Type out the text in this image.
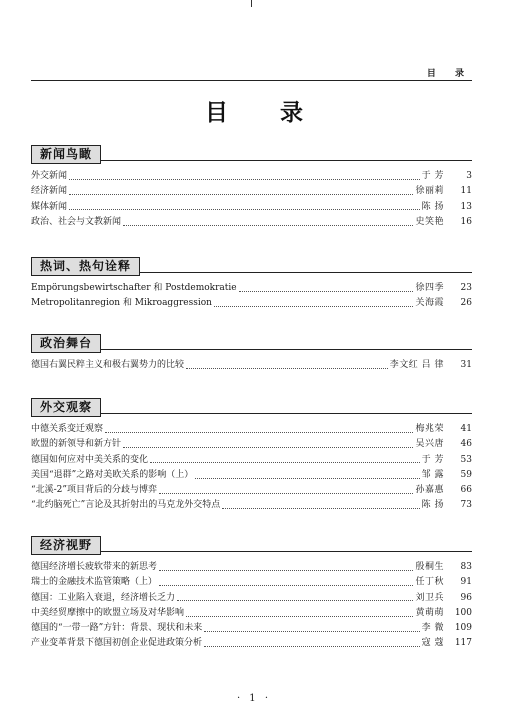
目 录
目 录
新闻鸟瞰
外交新闻	于 芳	3
经济新闻	徐丽莉	11
媒体新闻	陈 扬	13
政治、社会与文教新闻	史笑艳	16
热词、热句诠释
Empörungsbewirtschafter 和 Postdemokratie	徐四季	23
Metropolitanregion 和 Mikroaggression	关海霞	26
政治舞台
德国右翼民粹主义和极右翼势力的比较	李文红 吕 律	31
外交观察
中德关系变迁观察	梅兆荣	41
欧盟的新领导和新方针	吴兴唐	46
德国如何应对中美关系的变化	于 芳	53
美国“退群”之路对美欧关系的影响（上）	邹 露	59
“北溪-2”项目背后的分歧与博弈	孙嘉惠	66
“北约脑死亡”言论及其折射出的马克龙外交特点	陈 扬	73
经济视野
德国经济增长疲软带来的新思考	殷桐生	83
瑞士的金融技术监管策略（上）	任丁秋	91
德国：工业陷入衰退，经济增长乏力	刘卫兵	96
中美经贸摩擦中的欧盟立场及对华影响	黄萌萌	100
德国的“一带一路”方针：背景、现状和未来	李 微	109
产业变革背景下德国初创企业促进政策分析	寇 蔻	117
· 1 ·
